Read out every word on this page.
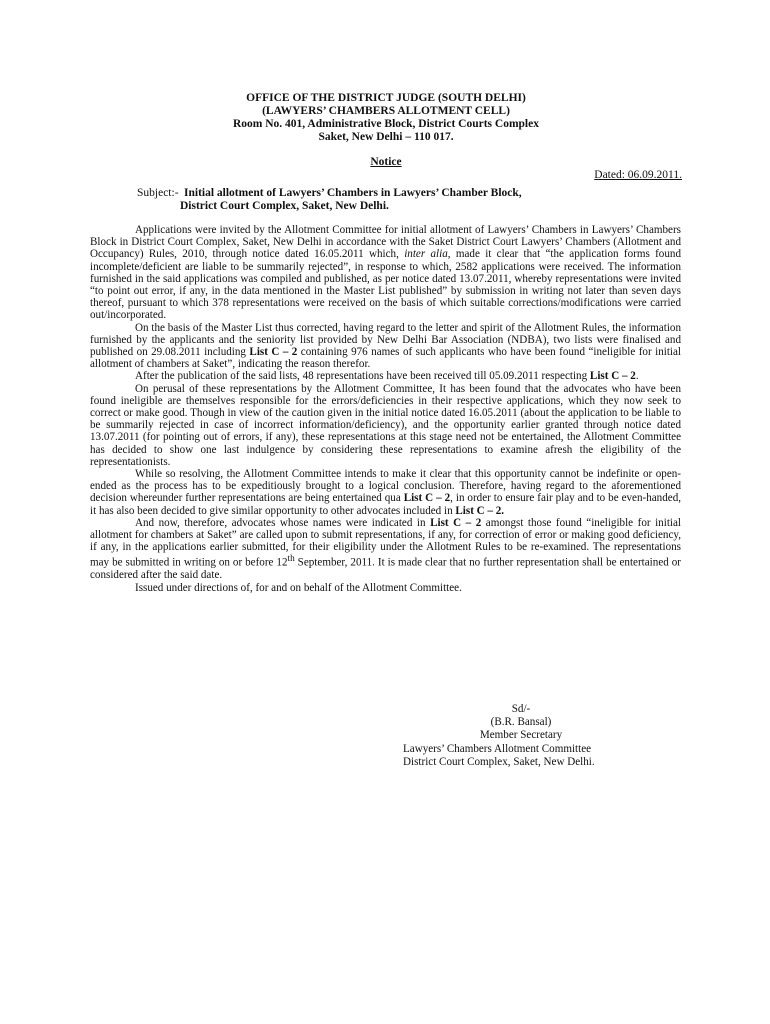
OFFICE OF THE DISTRICT JUDGE (SOUTH DELHI)
(LAWYERS’ CHAMBERS ALLOTMENT CELL)
Room No. 401, Administrative Block, District Courts Complex
Saket, New Delhi – 110 017.
Notice
Dated: 06.09.2011.
Subject:- Initial allotment of Lawyers’ Chambers in Lawyers’ Chamber Block,
District Court Complex, Saket, New Delhi.

Applications were invited by the Allotment Committee for initial allotment of Lawyers’ Chambers in Lawyers’ Chambers Block in District Court Complex, Saket, New Delhi in accordance with the Saket District Court Lawyers’ Chambers (Allotment and Occupancy) Rules, 2010, through notice dated 16.05.2011 which, inter alia, made it clear that “the application forms found incomplete/deficient are liable to be summarily rejected”, in response to which, 2582 applications were received. The information furnished in the said applications was compiled and published, as per notice dated 13.07.2011, whereby representations were invited “to point out error, if any, in the data mentioned in the Master List published” by submission in writing not later than seven days thereof, pursuant to which 378 representations were received on the basis of which suitable corrections/modifications were carried out/incorporated.

On the basis of the Master List thus corrected, having regard to the letter and spirit of the Allotment Rules, the information furnished by the applicants and the seniority list provided by New Delhi Bar Association (NDBA), two lists were finalised and published on 29.08.2011 including List C – 2 containing 976 names of such applicants who have been found “ineligible for initial allotment of chambers at Saket”, indicating the reason therefor.

After the publication of the said lists, 48 representations have been received till 05.09.2011 respecting List C – 2.

On perusal of these representations by the Allotment Committee, It has been found that the advocates who have been found ineligible are themselves responsible for the errors/deficiencies in their respective applications, which they now seek to correct or make good. Though in view of the caution given in the initial notice dated 16.05.2011 (about the application to be liable to be summarily rejected in case of incorrect information/deficiency), and the opportunity earlier granted through notice dated 13.07.2011 (for pointing out of errors, if any), these representations at this stage need not be entertained, the Allotment Committee has decided to show one last indulgence by considering these representations to examine afresh the eligibility of the representationists.

While so resolving, the Allotment Committee intends to make it clear that this opportunity cannot be indefinite or open-ended as the process has to be expeditiously brought to a logical conclusion. Therefore, having regard to the aforementioned decision whereunder further representations are being entertained qua List C – 2, in order to ensure fair play and to be even-handed, it has also been decided to give similar opportunity to other advocates included in List C – 2.

And now, therefore, advocates whose names were indicated in List C – 2 amongst those found “ineligible for initial allotment for chambers at Saket” are called upon to submit representations, if any, for correction of error or making good deficiency, if any, in the applications earlier submitted, for their eligibility under the Allotment Rules to be re-examined. The representations may be submitted in writing on or before 12th September, 2011. It is made clear that no further representation shall be entertained or considered after the said date.

Issued under directions of, for and on behalf of the Allotment Committee.

Sd/-
(B.R. Bansal)
Member Secretary
Lawyers’ Chambers Allotment Committee
District Court Complex, Saket, New Delhi.
